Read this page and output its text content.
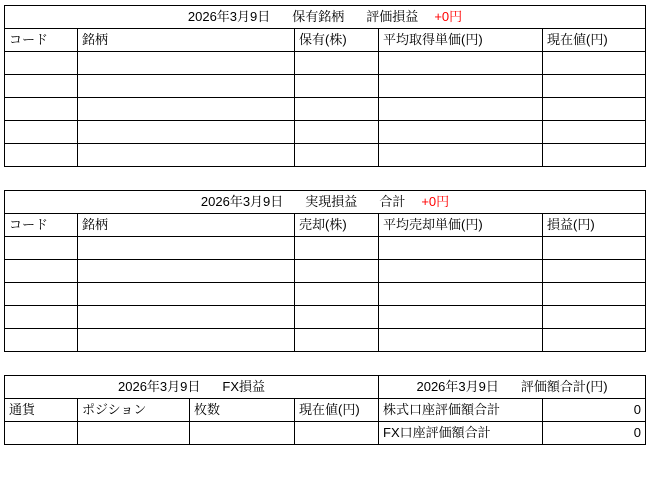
2026年3月9日 保有銘柄 評価損益 +0円				
コード	銘柄	保有(株)	平均取得単価(円)	現在値(円)

2026年3月9日 実現損益 合計 +0円				
コード	銘柄	売却(株)	平均売却単価(円)	損益(円)

2026年3月9日 FX損益				2026年3月9日 評価額合計(円)	
通貨	ポジション	枚数	現在値(円)	株式口座評価額合計	0
				FX口座評価額合計	0
